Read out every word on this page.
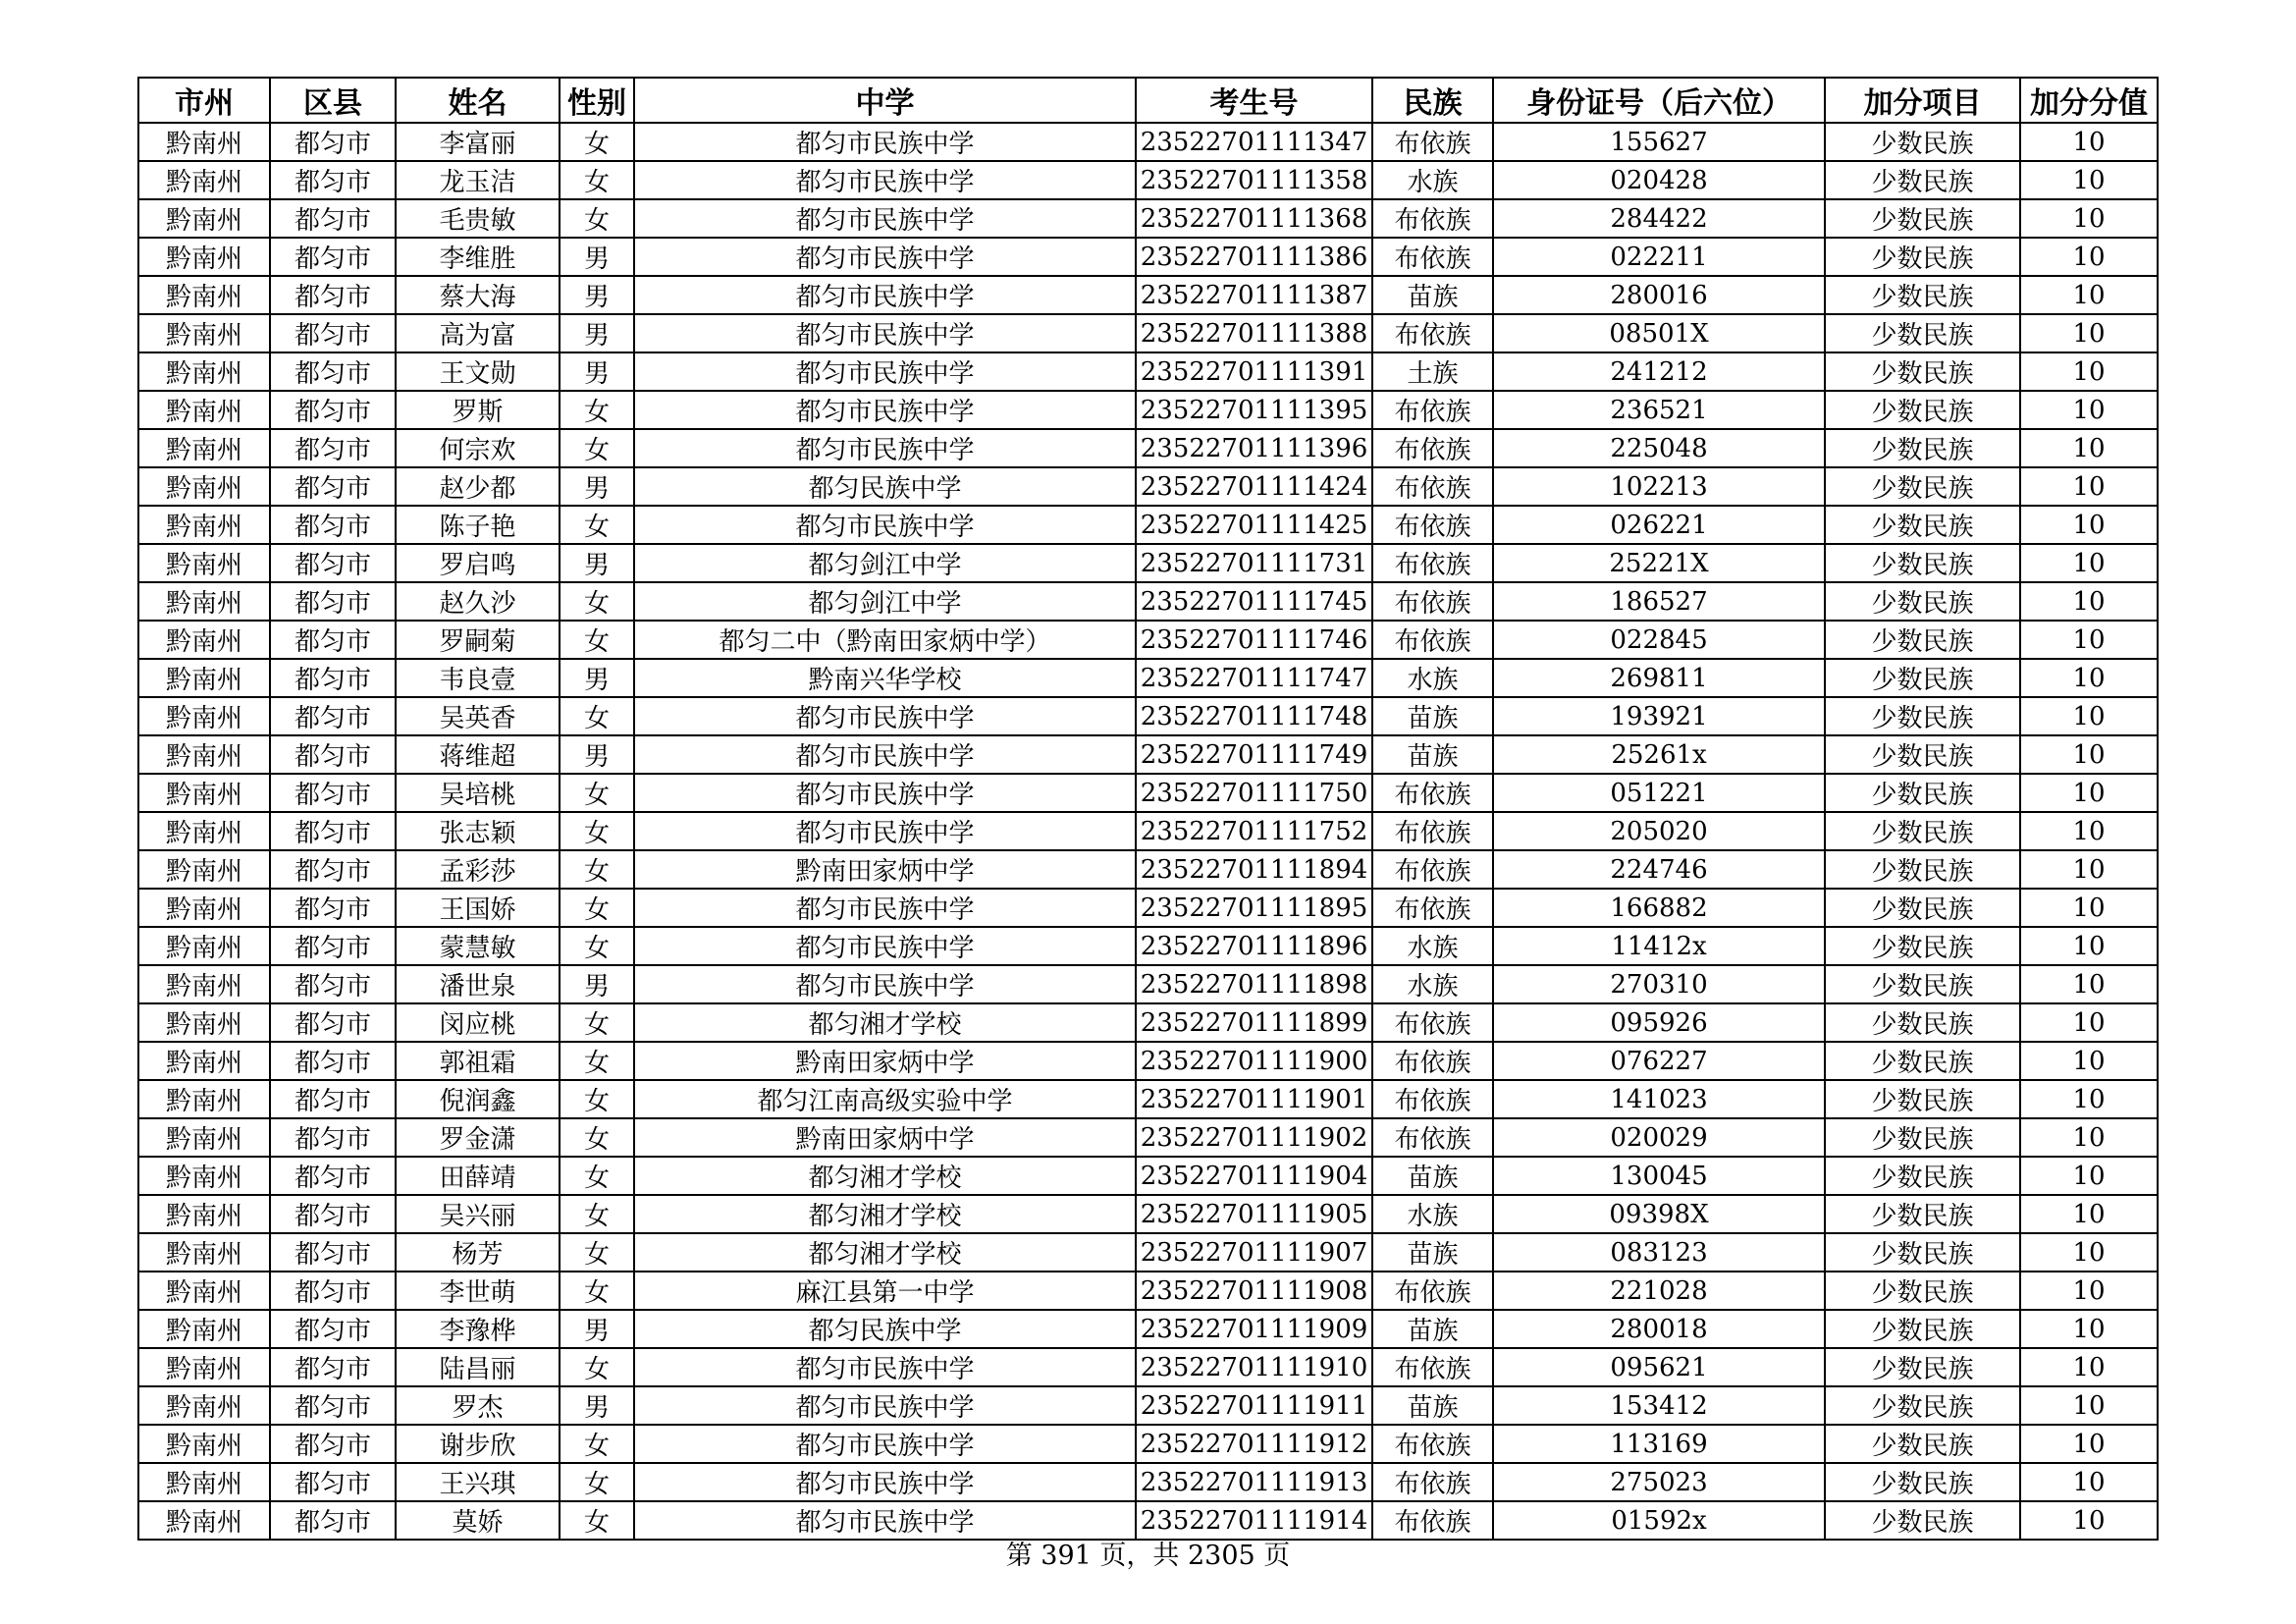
市州	区县	姓名	性别	中学	考生号	民族	身份证号（后六位）	加分项目	加分分值
黔南州	都匀市	李富丽	女	都匀市民族中学	23522701111347	布依族	155627	少数民族	10
黔南州	都匀市	龙玉洁	女	都匀市民族中学	23522701111358	水族	020428	少数民族	10
黔南州	都匀市	毛贵敏	女	都匀市民族中学	23522701111368	布依族	284422	少数民族	10
黔南州	都匀市	李维胜	男	都匀市民族中学	23522701111386	布依族	022211	少数民族	10
黔南州	都匀市	蔡大海	男	都匀市民族中学	23522701111387	苗族	280016	少数民族	10
黔南州	都匀市	高为富	男	都匀市民族中学	23522701111388	布依族	08501X	少数民族	10
黔南州	都匀市	王文勋	男	都匀市民族中学	23522701111391	土族	241212	少数民族	10
黔南州	都匀市	罗斯	女	都匀市民族中学	23522701111395	布依族	236521	少数民族	10
黔南州	都匀市	何宗欢	女	都匀市民族中学	23522701111396	布依族	225048	少数民族	10
黔南州	都匀市	赵少都	男	都匀民族中学	23522701111424	布依族	102213	少数民族	10
黔南州	都匀市	陈子艳	女	都匀市民族中学	23522701111425	布依族	026221	少数民族	10
黔南州	都匀市	罗启鸣	男	都匀剑江中学	23522701111731	布依族	25221X	少数民族	10
黔南州	都匀市	赵久沙	女	都匀剑江中学	23522701111745	布依族	186527	少数民族	10
黔南州	都匀市	罗嗣菊	女	都匀二中（黔南田家炳中学）	23522701111746	布依族	022845	少数民族	10
黔南州	都匀市	韦良壹	男	黔南兴华学校	23522701111747	水族	269811	少数民族	10
黔南州	都匀市	吴英香	女	都匀市民族中学	23522701111748	苗族	193921	少数民族	10
黔南州	都匀市	蒋维超	男	都匀市民族中学	23522701111749	苗族	25261x	少数民族	10
黔南州	都匀市	吴培桃	女	都匀市民族中学	23522701111750	布依族	051221	少数民族	10
黔南州	都匀市	张志颖	女	都匀市民族中学	23522701111752	布依族	205020	少数民族	10
黔南州	都匀市	孟彩莎	女	黔南田家炳中学	23522701111894	布依族	224746	少数民族	10
黔南州	都匀市	王国娇	女	都匀市民族中学	23522701111895	布依族	166882	少数民族	10
黔南州	都匀市	蒙慧敏	女	都匀市民族中学	23522701111896	水族	11412x	少数民族	10
黔南州	都匀市	潘世泉	男	都匀市民族中学	23522701111898	水族	270310	少数民族	10
黔南州	都匀市	闵应桃	女	都匀湘才学校	23522701111899	布依族	095926	少数民族	10
黔南州	都匀市	郭祖霜	女	黔南田家炳中学	23522701111900	布依族	076227	少数民族	10
黔南州	都匀市	倪润鑫	女	都匀江南高级实验中学	23522701111901	布依族	141023	少数民族	10
黔南州	都匀市	罗金潇	女	黔南田家炳中学	23522701111902	布依族	020029	少数民族	10
黔南州	都匀市	田薛靖	女	都匀湘才学校	23522701111904	苗族	130045	少数民族	10
黔南州	都匀市	吴兴丽	女	都匀湘才学校	23522701111905	水族	09398X	少数民族	10
黔南州	都匀市	杨芳	女	都匀湘才学校	23522701111907	苗族	083123	少数民族	10
黔南州	都匀市	李世萌	女	麻江县第一中学	23522701111908	布依族	221028	少数民族	10
黔南州	都匀市	李豫桦	男	都匀民族中学	23522701111909	苗族	280018	少数民族	10
黔南州	都匀市	陆昌丽	女	都匀市民族中学	23522701111910	布依族	095621	少数民族	10
黔南州	都匀市	罗杰	男	都匀市民族中学	23522701111911	苗族	153412	少数民族	10
黔南州	都匀市	谢步欣	女	都匀市民族中学	23522701111912	布依族	113169	少数民族	10
黔南州	都匀市	王兴琪	女	都匀市民族中学	23522701111913	布依族	275023	少数民族	10
黔南州	都匀市	莫娇	女	都匀市民族中学	23522701111914	布依族	01592x	少数民族	10
第 391 页，共 2305 页
